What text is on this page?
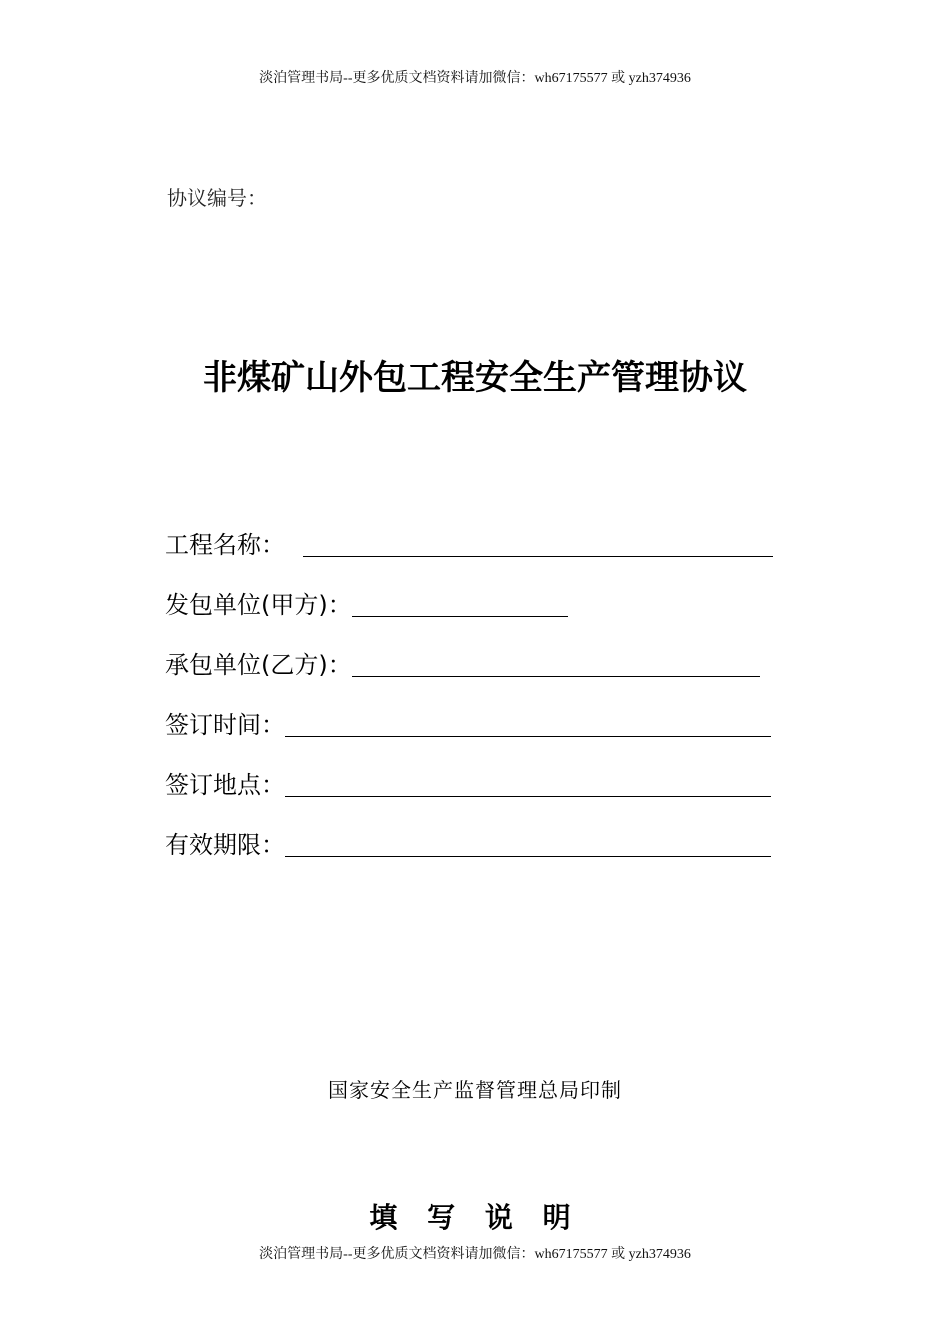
淡泊管理书局--更多优质文档资料请加微信：wh67175577 或 yzh374936
协议编号：
非煤矿山外包工程安全生产管理协议
工程名称：
发包单位(甲方)：
承包单位(乙方)：
签订时间：
签订地点：
有效期限：
国家安全生产监督管理总局印制
填 写 说 明
淡泊管理书局--更多优质文档资料请加微信：wh67175577 或 yzh374936
